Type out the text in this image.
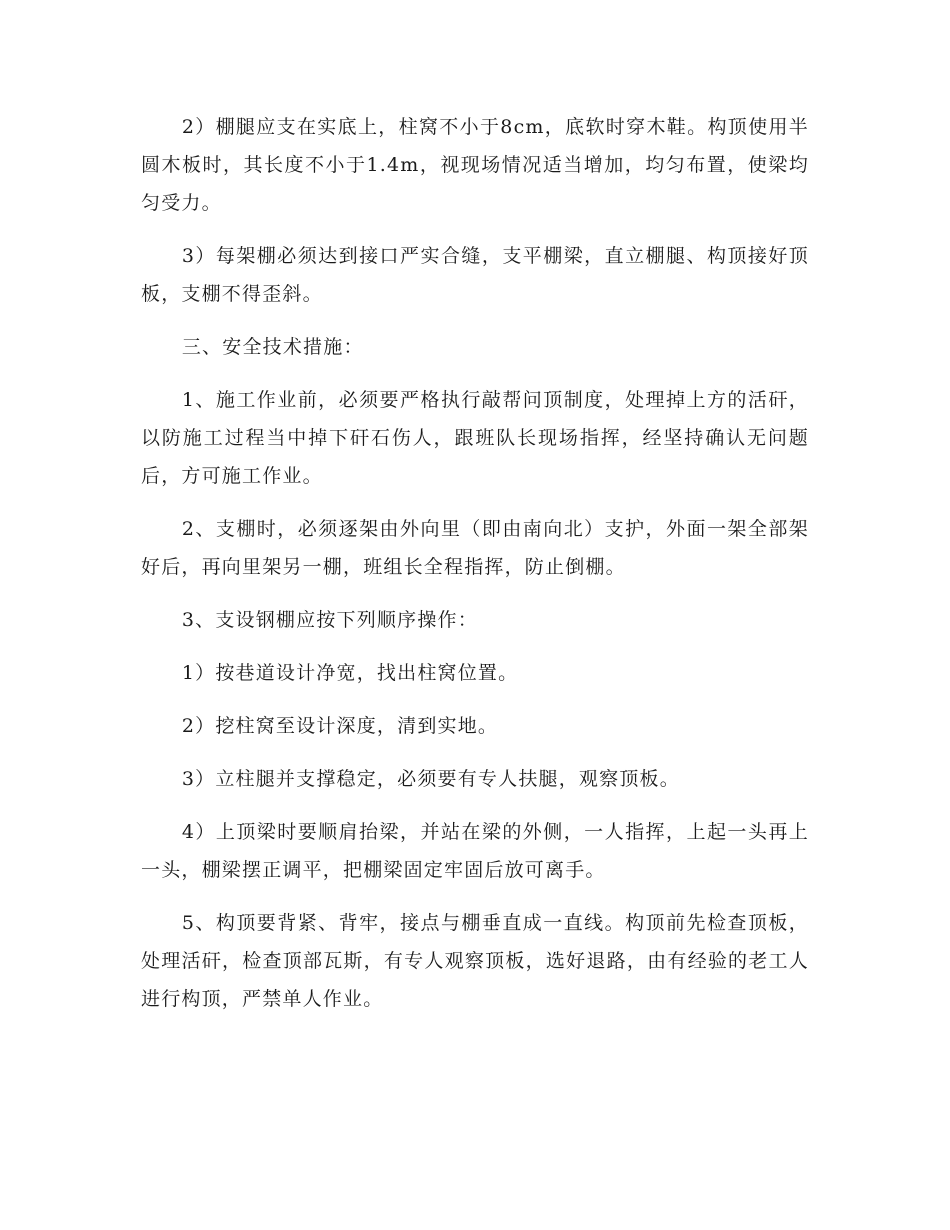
2）棚腿应支在实底上，柱窝不小于8cm，底软时穿木鞋。构顶使用半圆木板时，其长度不小于1.4m，视现场情况适当增加，均匀布置，使梁均匀受力。

3）每架棚必须达到接口严实合缝，支平棚梁，直立棚腿、构顶接好顶板，支棚不得歪斜。

三、安全技术措施：

1、施工作业前，必须要严格执行敲帮问顶制度，处理掉上方的活矸，以防施工过程当中掉下矸石伤人，跟班队长现场指挥，经坚持确认无问题后，方可施工作业。

2、支棚时，必须逐架由外向里（即由南向北）支护，外面一架全部架好后，再向里架另一棚，班组长全程指挥，防止倒棚。

3、支设钢棚应按下列顺序操作：

1）按巷道设计净宽，找出柱窝位置。

2）挖柱窝至设计深度，清到实地。

3）立柱腿并支撑稳定，必须要有专人扶腿，观察顶板。

4）上顶梁时要顺肩抬梁，并站在梁的外侧，一人指挥，上起一头再上一头，棚梁摆正调平，把棚梁固定牢固后放可离手。

5、构顶要背紧、背牢，接点与棚垂直成一直线。构顶前先检查顶板，处理活矸，检查顶部瓦斯，有专人观察顶板，选好退路，由有经验的老工人进行构顶，严禁单人作业。
